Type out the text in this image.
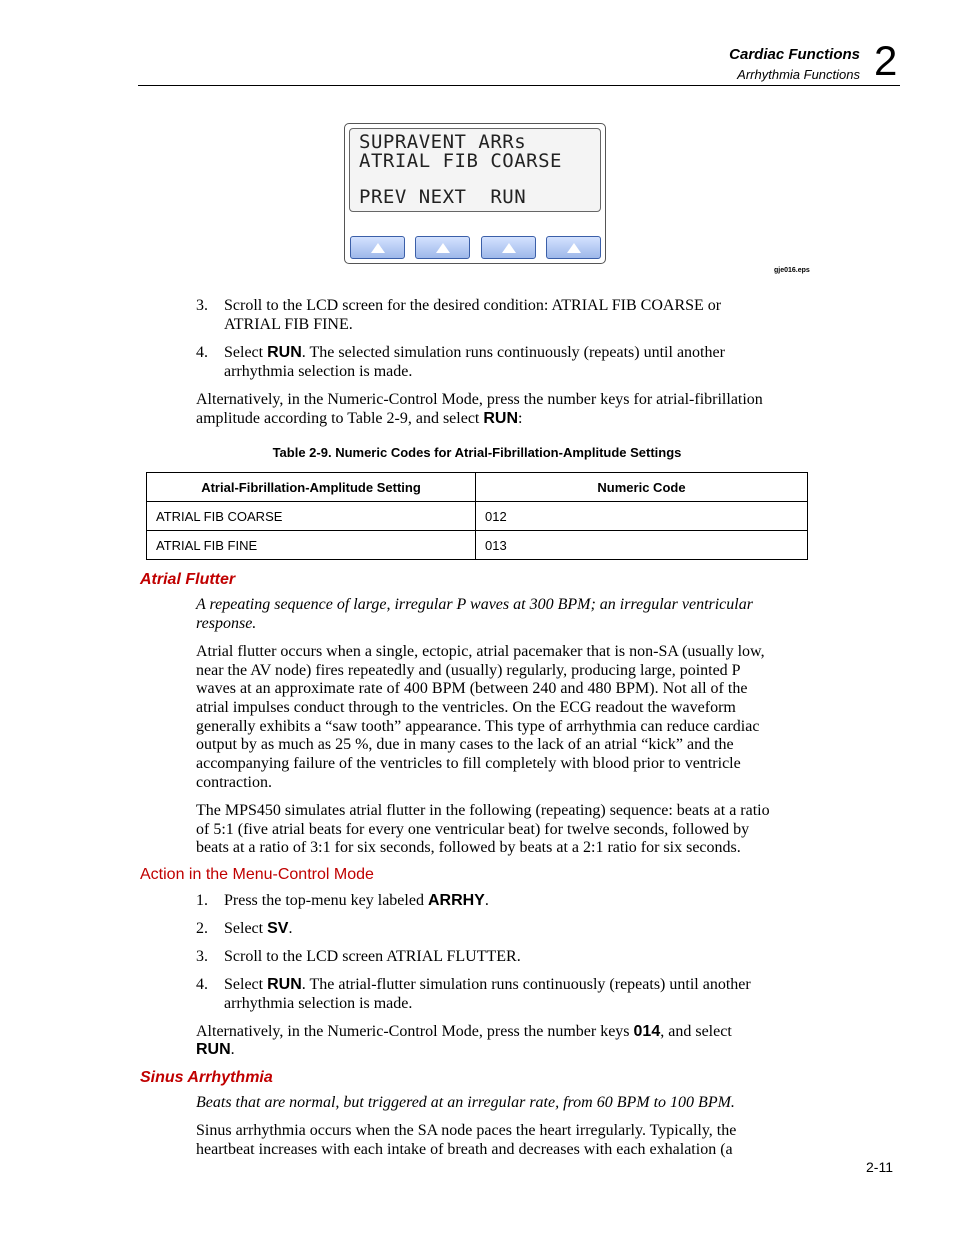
Cardiac Functions
Arrhythmia Functions 2
SUPRAVENT ARRs
ATRIAL FIB COARSE
PREV NEXT  RUN
gje016.eps
3. Scroll to the LCD screen for the desired condition: ATRIAL FIB COARSE or
ATRIAL FIB FINE.
4. Select RUN. The selected simulation runs continuously (repeats) until another
arrhythmia selection is made.
Alternatively, in the Numeric-Control Mode, press the number keys for atrial-fibrillation
amplitude according to Table 2-9, and select RUN:
Table 2-9. Numeric Codes for Atrial-Fibrillation-Amplitude Settings
Atrial-Fibrillation-Amplitude Setting	Numeric Code
ATRIAL FIB COARSE	012
ATRIAL FIB FINE	013
Atrial Flutter
A repeating sequence of large, irregular P waves at 300 BPM; an irregular ventricular
response.
Atrial flutter occurs when a single, ectopic, atrial pacemaker that is non-SA (usually low,
near the AV node) fires repeatedly and (usually) regularly, producing large, pointed P
waves at an approximate rate of 400 BPM (between 240 and 480 BPM). Not all of the
atrial impulses conduct through to the ventricles. On the ECG readout the waveform
generally exhibits a “saw tooth” appearance. This type of arrhythmia can reduce cardiac
output by as much as 25 %, due in many cases to the lack of an atrial “kick” and the
accompanying failure of the ventricles to fill completely with blood prior to ventricle
contraction.
The MPS450 simulates atrial flutter in the following (repeating) sequence: beats at a ratio
of 5:1 (five atrial beats for every one ventricular beat) for twelve seconds, followed by
beats at a ratio of 3:1 for six seconds, followed by beats at a 2:1 ratio for six seconds.
Action in the Menu-Control Mode
1. Press the top-menu key labeled ARRHY.
2. Select SV.
3. Scroll to the LCD screen ATRIAL FLUTTER.
4. Select RUN. The atrial-flutter simulation runs continuously (repeats) until another
arrhythmia selection is made.
Alternatively, in the Numeric-Control Mode, press the number keys 014, and select
RUN.
Sinus Arrhythmia
Beats that are normal, but triggered at an irregular rate, from 60 BPM to 100 BPM.
Sinus arrhythmia occurs when the SA node paces the heart irregularly. Typically, the
heartbeat increases with each intake of breath and decreases with each exhalation (a
2-11
